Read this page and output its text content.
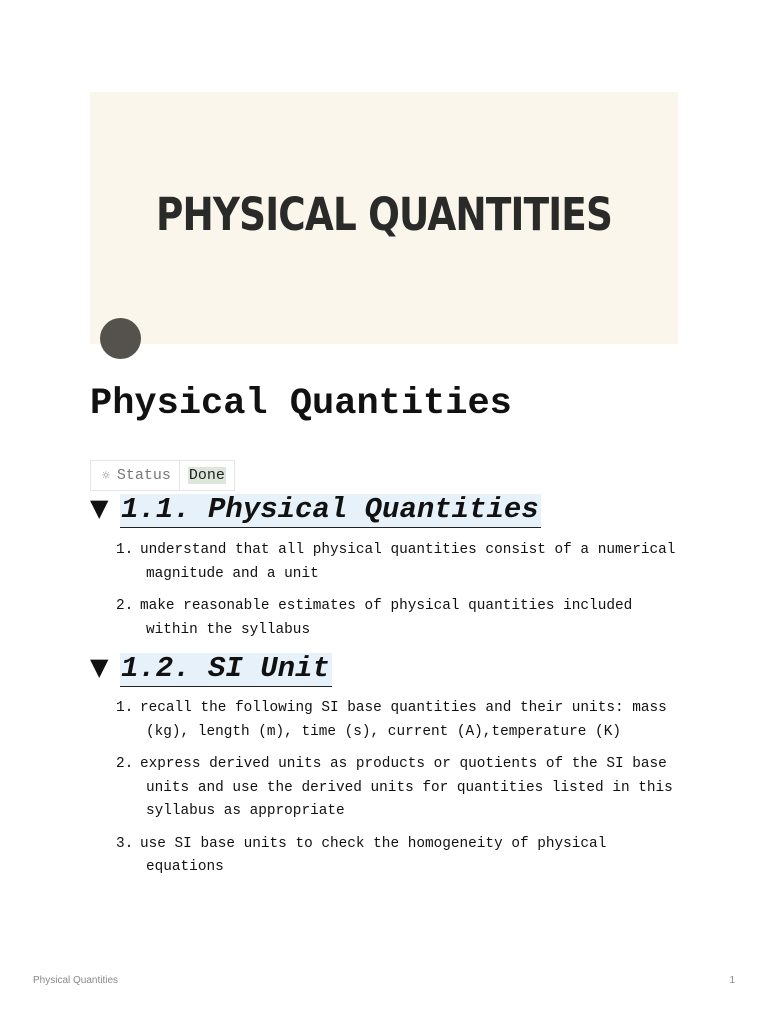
PHYSICAL QUANTITIES
Physical Quantities
☼ Status Done
▼ 1.1. Physical Quantities
1. understand that all physical quantities consist of a numerical magnitude and a unit
2. make reasonable estimates of physical quantities included within the syllabus
▼ 1.2. SI Unit
1. recall the following SI base quantities and their units: mass (kg), length (m), time (s), current (A),temperature (K)
2. express derived units as products or quotients of the SI base units and use the derived units for quantities listed in this syllabus as appropriate
3. use SI base units to check the homogeneity of physical equations
Physical Quantities	1
